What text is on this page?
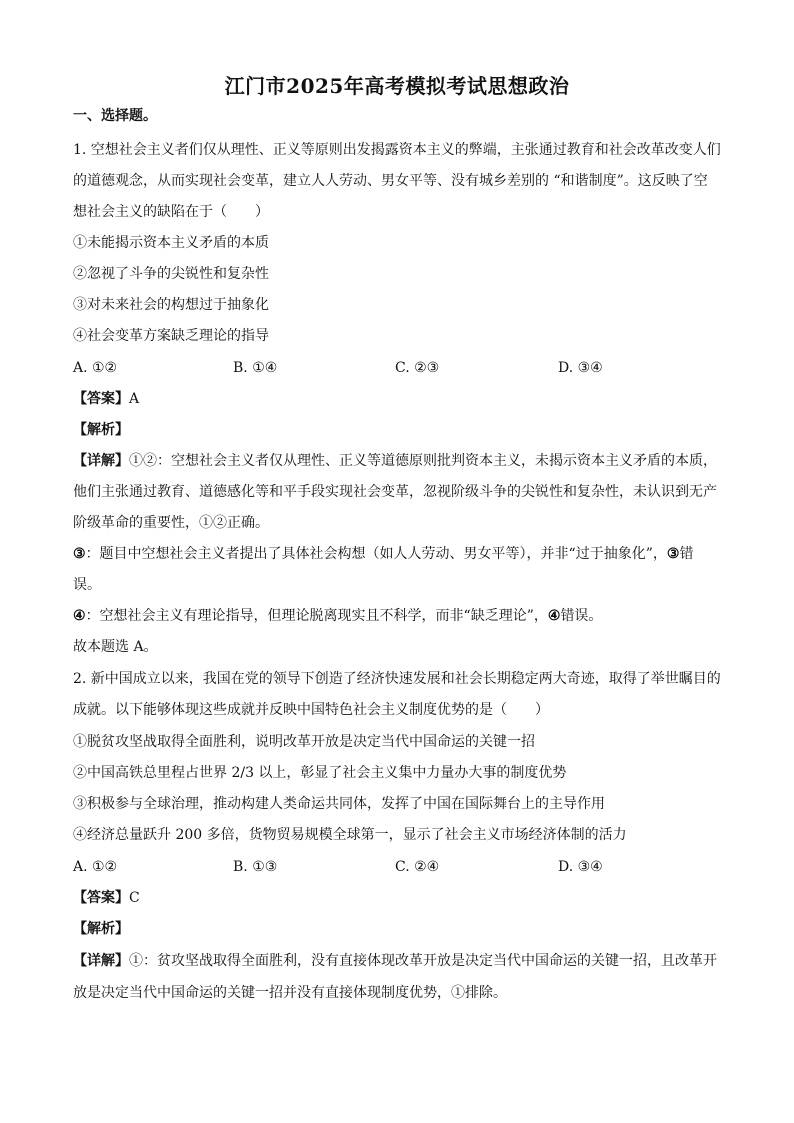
江门市2025年高考模拟考试思想政治
一、选择题。
1. 空想社会主义者们仅从理性、正义等原则出发揭露资本主义的弊端，主张通过教育和社会改革改变人们
的道德观念，从而实现社会变革，建立人人劳动、男女平等、没有城乡差别的 “和谐制度”。这反映了空
想社会主义的缺陷在于（　　）
①未能揭示资本主义矛盾的本质
②忽视了斗争的尖锐性和复杂性
③对未来社会的构想过于抽象化
④社会变革方案缺乏理论的指导
A. ①②	B. ①④	C. ②③	D. ③④
【答案】A
【解析】
【详解】①②：空想社会主义者仅从理性、正义等道德原则批判资本主义，未揭示资本主义矛盾的本质，
他们主张通过教育、道德感化等和平手段实现社会变革，忽视阶级斗争的尖锐性和复杂性，未认识到无产
阶级革命的重要性，①②正确。
③：题目中空想社会主义者提出了具体社会构想（如人人劳动、男女平等），并非“过于抽象化”，③错
误。
④：空想社会主义有理论指导，但理论脱离现实且不科学，而非“缺乏理论”，④错误。
故本题选 A。
2. 新中国成立以来，我国在党的领导下创造了经济快速发展和社会长期稳定两大奇迹，取得了举世瞩目的
成就。以下能够体现这些成就并反映中国特色社会主义制度优势的是（　　）
①脱贫攻坚战取得全面胜利，说明改革开放是决定当代中国命运的关键一招
②中国高铁总里程占世界 2/3 以上，彰显了社会主义集中力量办大事的制度优势
③积极参与全球治理，推动构建人类命运共同体，发挥了中国在国际舞台上的主导作用
④经济总量跃升 200 多倍，货物贸易规模全球第一，显示了社会主义市场经济体制的活力
A. ①②	B. ①③	C. ②④	D. ③④
【答案】C
【解析】
【详解】①：贫攻坚战取得全面胜利，没有直接体现改革开放是决定当代中国命运的关键一招，且改革开
放是决定当代中国命运的关键一招并没有直接体现制度优势，①排除。
